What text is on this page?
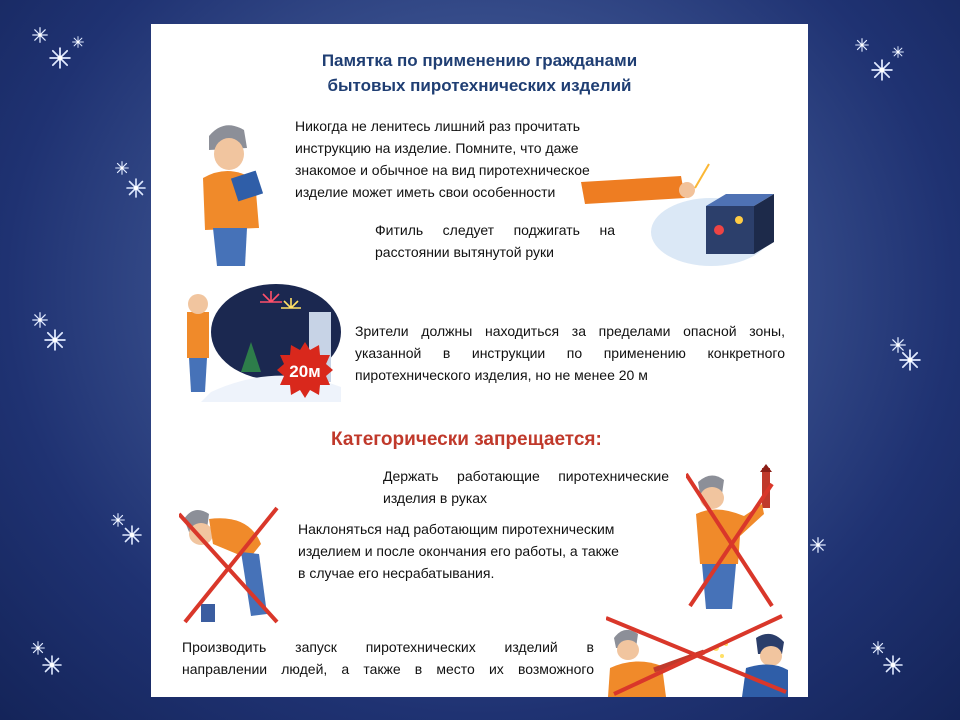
Памятка по применению гражданами
бытовых пиротехнических изделий
Никогда не ленитесь лишний раз прочитать
инструкцию на изделие. Помните, что даже
знакомое и обычное на вид пиротехническое
изделие может иметь свои особенности
Фитиль следует поджигать на
расстоянии вытянутой руки
20м
Зрители должны находиться за пределами опасной зоны,
указанной в инструкции по применению конкретного
пиротехнического изделия, но не менее 20 м
Категорически запрещается:
Держать работающие пиротехнические
изделия в руках
Наклоняться над работающим пиротехническим
изделием и после окончания его работы, а также
в случае его несрабатывания.
Производить запуск пиротехнических изделий в
направлении людей, а также в место их возможного
